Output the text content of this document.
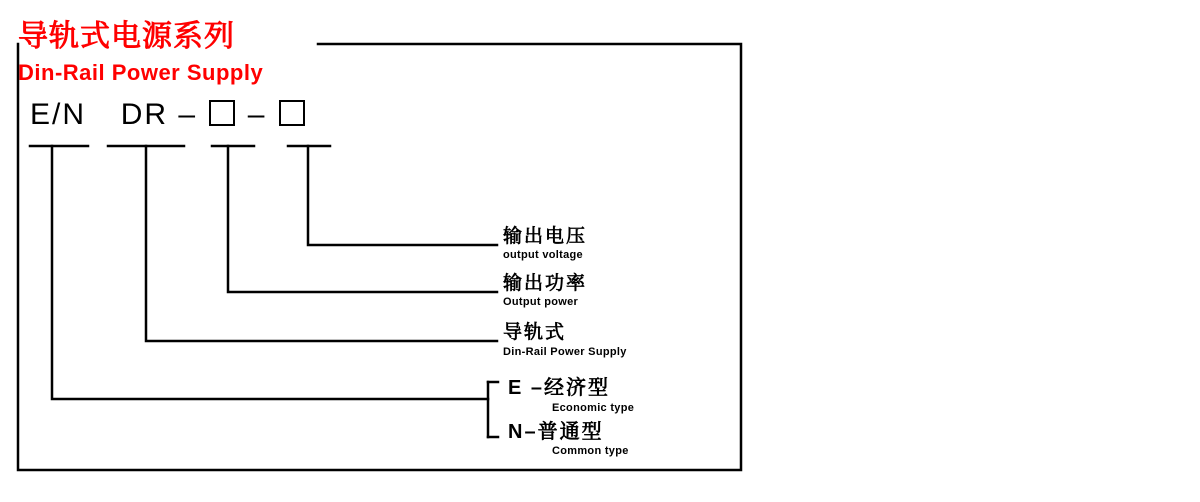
导轨式电源系列
Din-Rail Power Supply
E/N DR – –
输出电压
output voltage
输出功率
Output power
导轨式
Din-Rail Power Supply
E –经济型
Economic type
N–普通型
Common type
